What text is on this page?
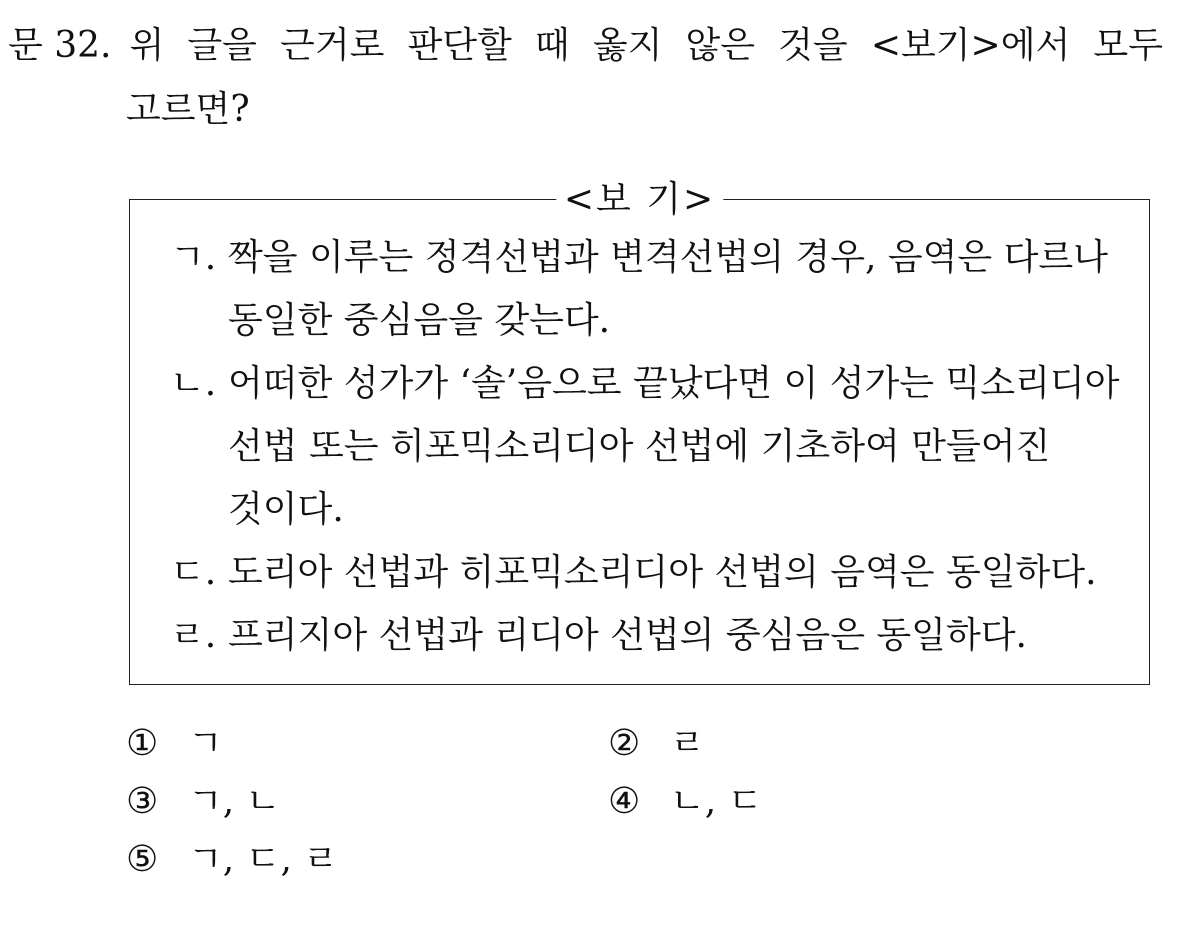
문 32. 위 글을 근거로 판단할 때 옳지 않은 것을 <보기>에서 모두
고르면?
<보 기>
ㄱ. 짝을 이루는 정격선법과 변격선법의 경우, 음역은 다르나
동일한 중심음을 갖는다.
ㄴ. 어떠한 성가가 ‘솔’음으로 끝났다면 이 성가는 믹소리디아
선법 또는 히포믹소리디아 선법에 기초하여 만들어진
것이다.
ㄷ. 도리아 선법과 히포믹소리디아 선법의 음역은 동일하다.
ㄹ. 프리지아 선법과 리디아 선법의 중심음은 동일하다.
① ㄱ	② ㄹ
③ ㄱ, ㄴ	④ ㄴ, ㄷ
⑤ ㄱ, ㄷ, ㄹ
